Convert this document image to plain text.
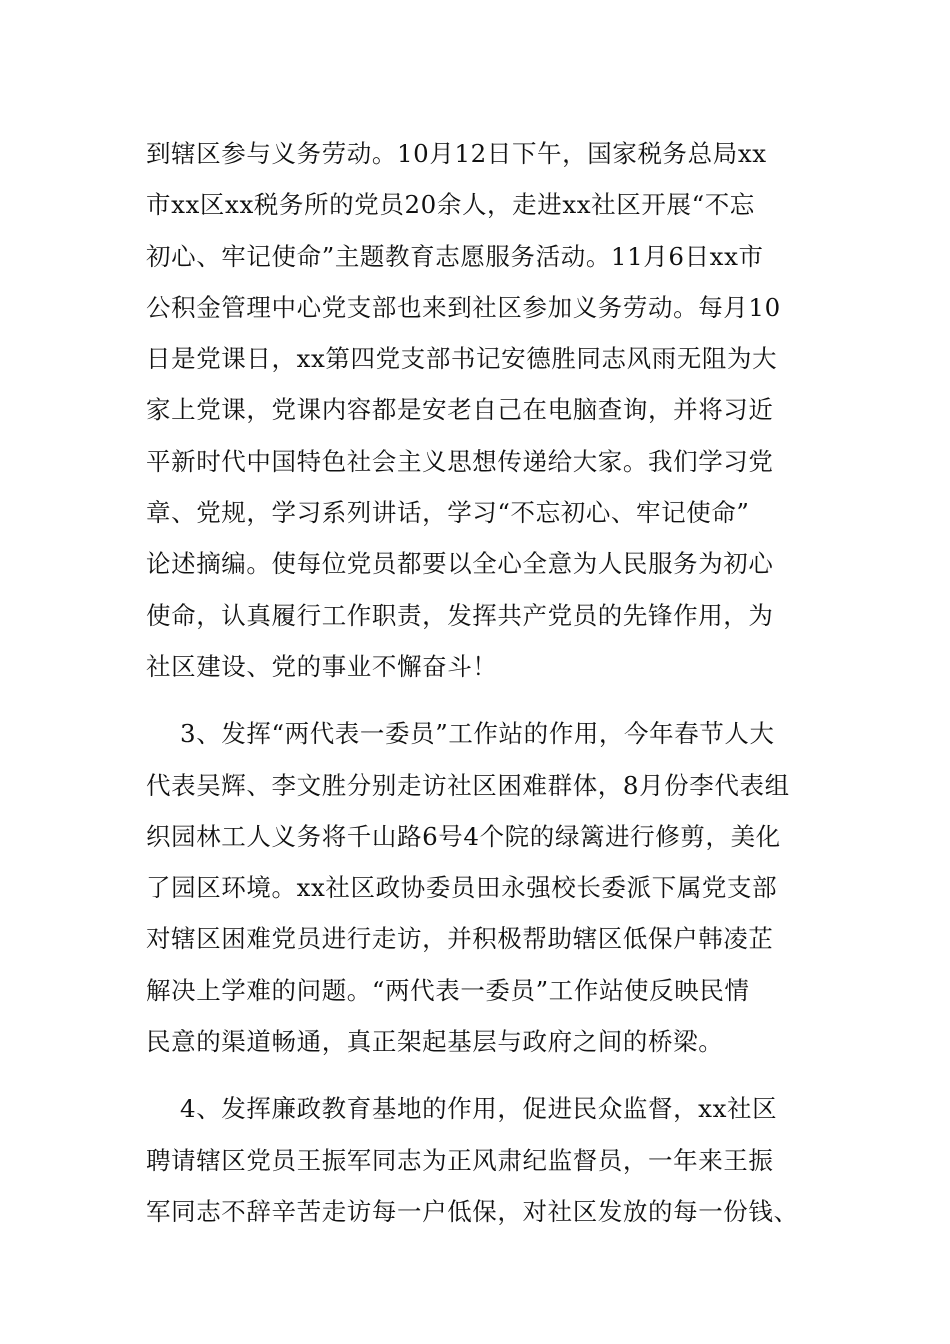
到辖区参与义务劳动。10月12日下午，国家税务总局xx
市xx区xx税务所的党员20余人，走进xx社区开展“不忘
初心、牢记使命”主题教育志愿服务活动。11月6日xx市
公积金管理中心党支部也来到社区参加义务劳动。每月10
日是党课日，xx第四党支部书记安德胜同志风雨无阻为大
家上党课，党课内容都是安老自己在电脑查询，并将习近
平新时代中国特色社会主义思想传递给大家。我们学习党
章、党规，学习系列讲话，学习“不忘初心、牢记使命”
论述摘编。使每位党员都要以全心全意为人民服务为初心
使命，认真履行工作职责，发挥共产党员的先锋作用，为
社区建设、党的事业不懈奋斗！
3、发挥“两代表一委员”工作站的作用，今年春节人大
代表吴辉、李文胜分别走访社区困难群体，8月份李代表组
织园林工人义务将千山路6号4个院的绿篱进行修剪，美化
了园区环境。xx社区政协委员田永强校长委派下属党支部
对辖区困难党员进行走访，并积极帮助辖区低保户韩凌芷
解决上学难的问题。“两代表一委员”工作站使反映民情
民意的渠道畅通，真正架起基层与政府之间的桥梁。
4、发挥廉政教育基地的作用，促进民众监督，xx社区
聘请辖区党员王振军同志为正风肃纪监督员，一年来王振
军同志不辞辛苦走访每一户低保，对社区发放的每一份钱、
